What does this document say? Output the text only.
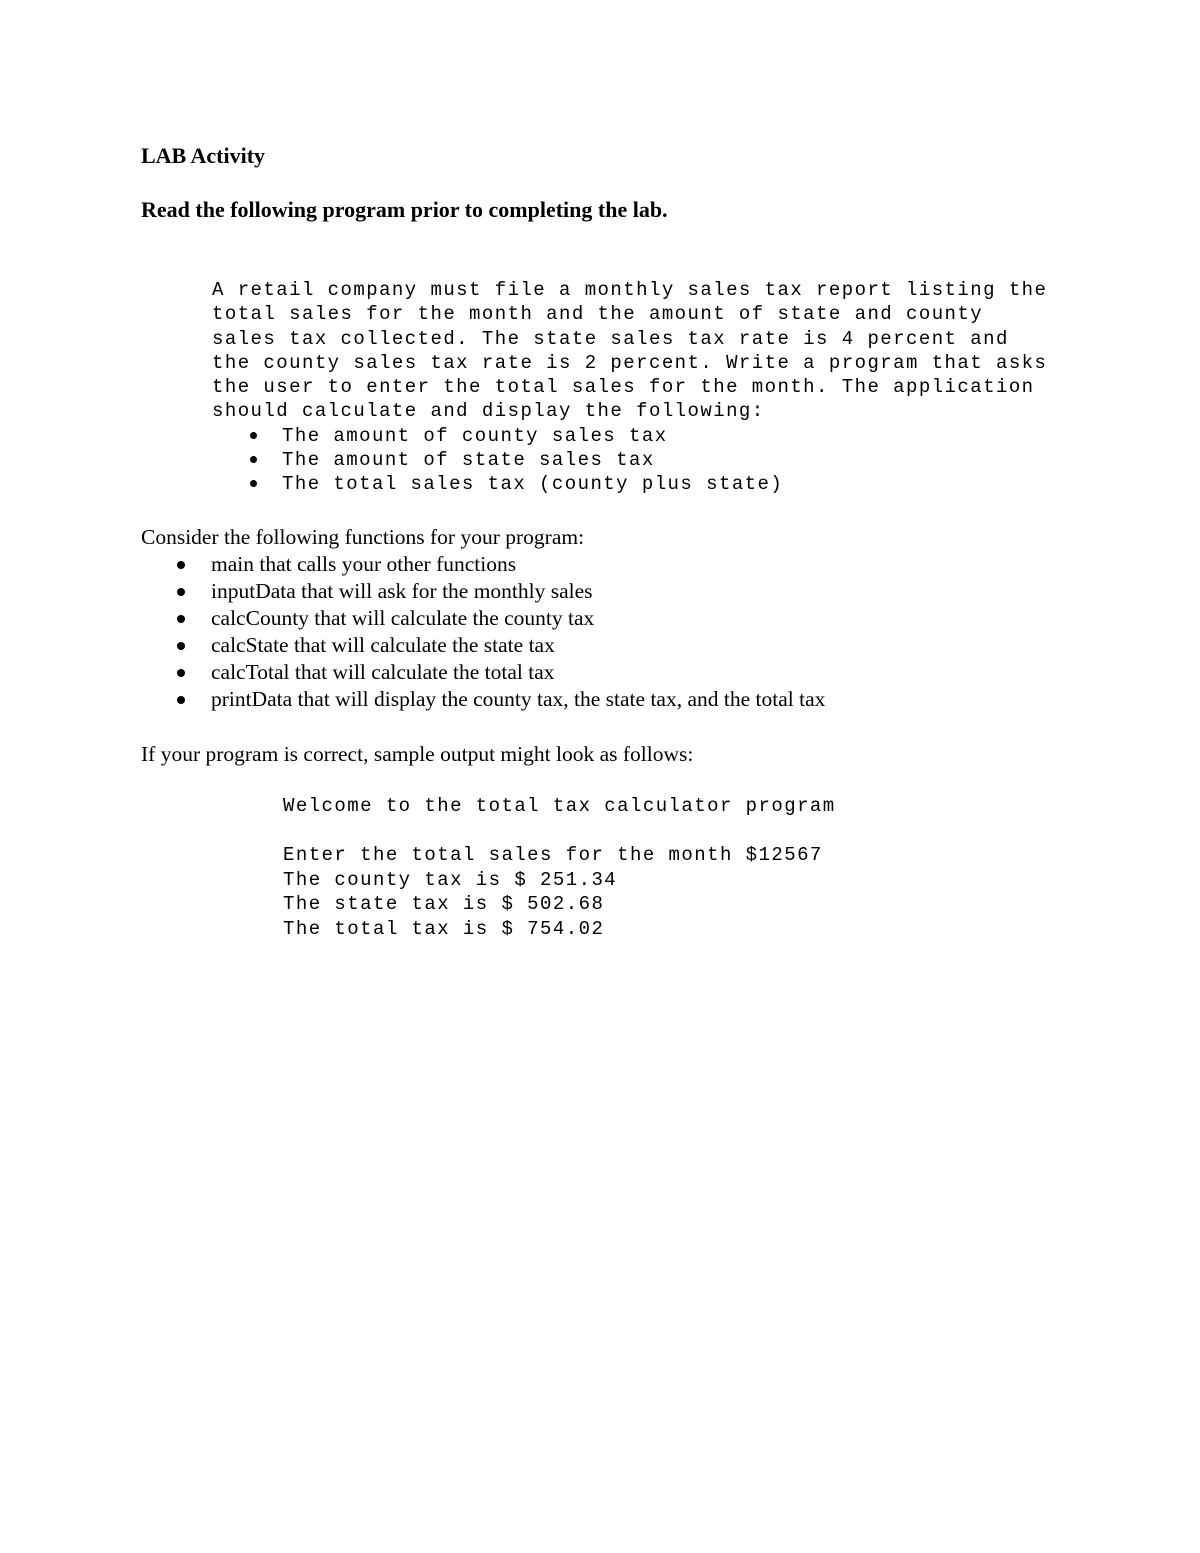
LAB Activity
Read the following program prior to completing the lab.
A retail company must file a monthly sales tax report listing the
total sales for the month and the amount of state and county
sales tax collected. The state sales tax rate is 4 percent and
the county sales tax rate is 2 percent. Write a program that asks
the user to enter the total sales for the month. The application
should calculate and display the following:
The amount of county sales tax
The amount of state sales tax
The total sales tax (county plus state)

Consider the following functions for your program:

main that calls your other functions
inputData that will ask for the monthly sales
calcCounty that will calculate the county tax
calcState that will calculate the state tax
calcTotal that will calculate the total tax
printData that will display the county tax, the state tax, and the total tax

If your program is correct, sample output might look as follows:

Welcome to the total tax calculator program
Enter the total sales for the month $12567
The county tax is $ 251.34
The state tax is $ 502.68
The total tax is $ 754.02
